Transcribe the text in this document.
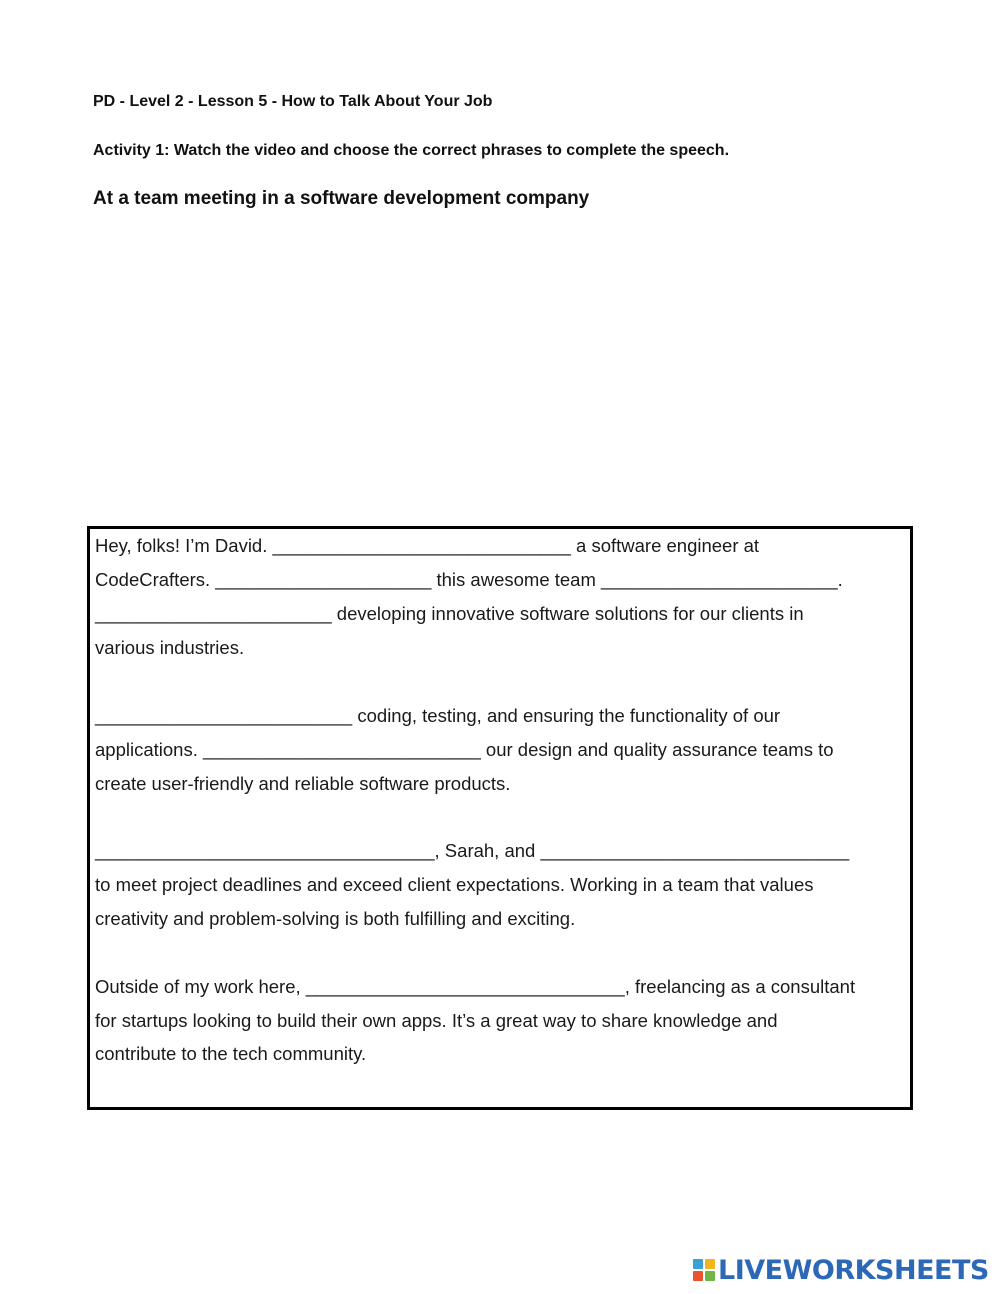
PD - Level 2 - Lesson 5 - How to Talk About Your Job
Activity 1: Watch the video and choose the correct phrases to complete the speech.
At a team meeting in a software development company
Hey, folks! I’m David. _____________________________ a software engineer at
CodeCrafters. _____________________ this awesome team _______________________.
_______________________ developing innovative software solutions for our clients in
various industries.
_________________________ coding, testing, and ensuring the functionality of our
applications. ___________________________ our design and quality assurance teams to
create user-friendly and reliable software products.
_________________________________, Sarah, and ______________________________
to meet project deadlines and exceed client expectations. Working in a team that values
creativity and problem-solving is both fulfilling and exciting.
Outside of my work here, _______________________________, freelancing as a consultant
for startups looking to build their own apps. It’s a great way to share knowledge and
contribute to the tech community.
LIVEWORKSHEETS
